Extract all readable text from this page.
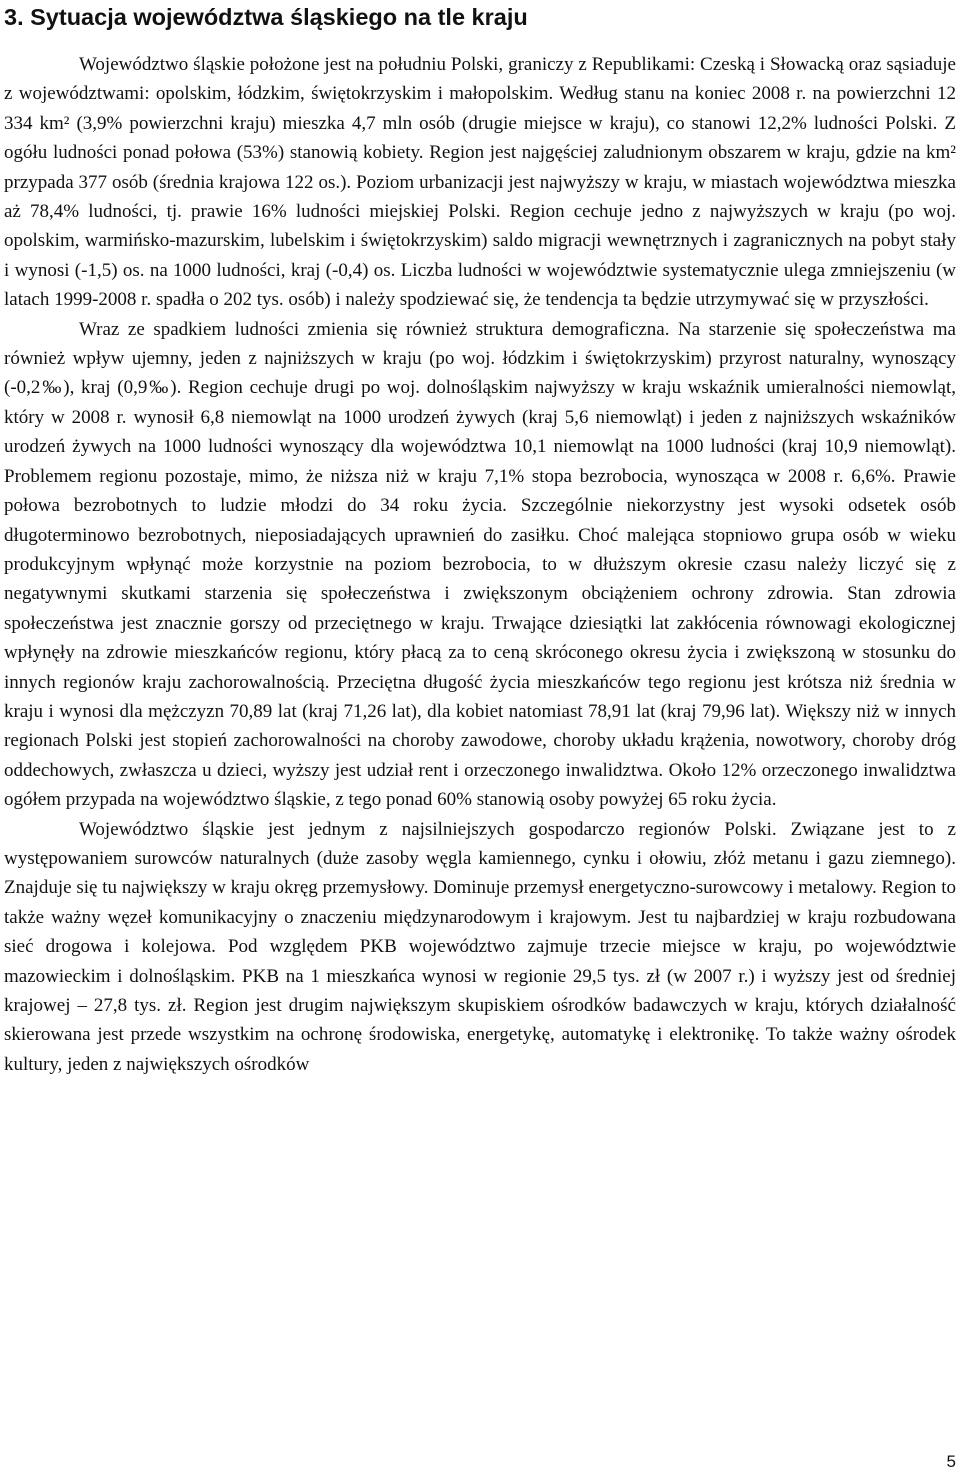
3. Sytuacja województwa śląskiego na tle kraju

Województwo śląskie położone jest na południu Polski, graniczy z Republikami: Czeską i Słowacką oraz sąsiaduje z województwami: opolskim, łódzkim, świętokrzyskim i małopolskim. Według stanu na koniec 2008 r. na powierzchni 12 334 km² (3,9% powierzchni kraju) mieszka 4,7 mln osób (drugie miejsce w kraju), co stanowi 12,2% ludności Polski. Z ogółu ludności ponad połowa (53%) stanowią kobiety. Region jest najgęściej zaludnionym obszarem w kraju, gdzie na km² przypada 377 osób (średnia krajowa 122 os.). Poziom urbanizacji jest najwyższy w kraju, w miastach województwa mieszka aż 78,4% ludności, tj. prawie 16% ludności miejskiej Polski. Region cechuje jedno z najwyższych w kraju (po woj. opolskim, warmińsko-mazurskim, lubelskim i świętokrzyskim) saldo migracji wewnętrznych i zagranicznych na pobyt stały i wynosi (-1,5) os. na 1000 ludności, kraj (-0,4) os. Liczba ludności w województwie systematycznie ulega zmniejszeniu (w latach 1999-2008 r. spadła o 202 tys. osób) i należy spodziewać się, że tendencja ta będzie utrzymywać się w przyszłości.

Wraz ze spadkiem ludności zmienia się również struktura demograficzna. Na starzenie się społeczeństwa ma również wpływ ujemny, jeden z najniższych w kraju (po woj. łódzkim i świętokrzyskim) przyrost naturalny, wynoszący (-0,2‰), kraj (0,9‰). Region cechuje drugi po woj. dolnośląskim najwyższy w kraju wskaźnik umieralności niemowląt, który w 2008 r. wynosił 6,8 niemowląt na 1000 urodzeń żywych (kraj 5,6 niemowląt) i jeden z najniższych wskaźników urodzeń żywych na 1000 ludności wynoszący dla województwa 10,1 niemowląt na 1000 ludności (kraj 10,9 niemowląt). Problemem regionu pozostaje, mimo, że niższa niż w kraju 7,1% stopa bezrobocia, wynosząca w 2008 r. 6,6%. Prawie połowa bezrobotnych to ludzie młodzi do 34 roku życia. Szczególnie niekorzystny jest wysoki odsetek osób długoterminowo bezrobotnych, nieposiadających uprawnień do zasiłku. Choć malejąca stopniowo grupa osób w wieku produkcyjnym wpłynąć może korzystnie na poziom bezrobocia, to w dłuższym okresie czasu należy liczyć się z negatywnymi skutkami starzenia się społeczeństwa i zwiększonym obciążeniem ochrony zdrowia. Stan zdrowia społeczeństwa jest znacznie gorszy od przeciętnego w kraju. Trwające dziesiątki lat zakłócenia równowagi ekologicznej wpłynęły na zdrowie mieszkańców regionu, który płacą za to ceną skróconego okresu życia i zwiększoną w stosunku do innych regionów kraju zachorowalnością. Przeciętna długość życia mieszkańców tego regionu jest krótsza niż średnia w kraju i wynosi dla mężczyzn 70,89 lat (kraj 71,26 lat), dla kobiet natomiast 78,91 lat (kraj 79,96 lat). Większy niż w innych regionach Polski jest stopień zachorowalności na choroby zawodowe, choroby układu krążenia, nowotwory, choroby dróg oddechowych, zwłaszcza u dzieci, wyższy jest udział rent i orzeczonego inwalidztwa. Około 12% orzeczonego inwalidztwa ogółem przypada na województwo śląskie, z tego ponad 60% stanowią osoby powyżej 65 roku życia.

Województwo śląskie jest jednym z najsilniejszych gospodarczo regionów Polski. Związane jest to z występowaniem surowców naturalnych (duże zasoby węgla kamiennego, cynku i ołowiu, złóż metanu i gazu ziemnego). Znajduje się tu największy w kraju okręg przemysłowy. Dominuje przemysł energetyczno-surowcowy i metalowy. Region to także ważny węzeł komunikacyjny o znaczeniu międzynarodowym i krajowym. Jest tu najbardziej w kraju rozbudowana sieć drogowa i kolejowa. Pod względem PKB województwo zajmuje trzecie miejsce w kraju, po województwie mazowieckim i dolnośląskim. PKB na 1 mieszkańca wynosi w regionie 29,5 tys. zł (w 2007 r.) i wyższy jest od średniej krajowej – 27,8 tys. zł. Region jest drugim największym skupiskiem ośrodków badawczych w kraju, których działalność skierowana jest przede wszystkim na ochronę środowiska, energetykę, automatykę i elektronikę. To także ważny ośrodek kultury, jeden z największych ośrodków

5
